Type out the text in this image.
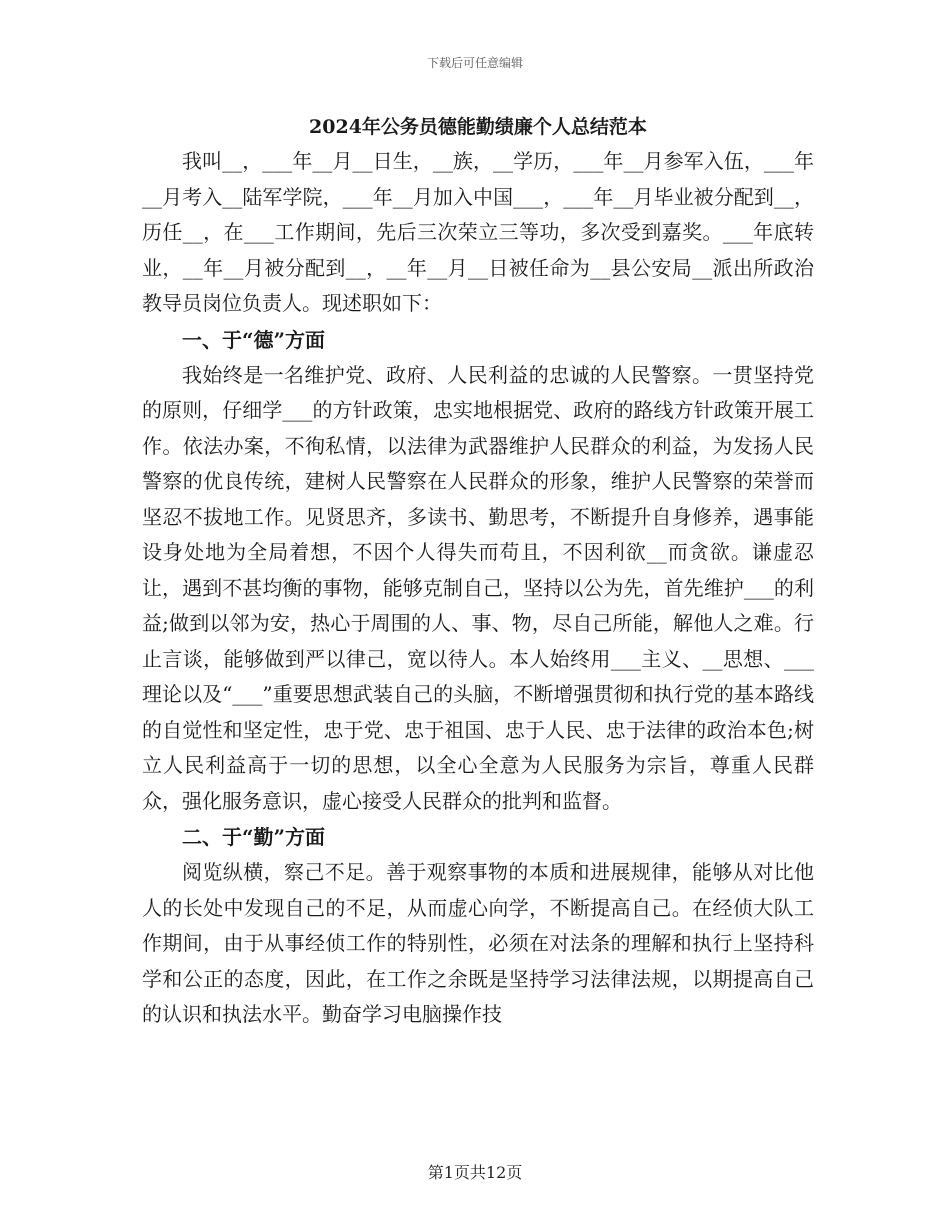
下载后可任意编辑
2024年公务员德能勤绩廉个人总结范本

我叫__，___年__月__日生，__族，__学历，___年__月参军入伍，___年__月考入__陆军学院，___年__月加入中国___，___年__月毕业被分配到__，历任__，在___工作期间，先后三次荣立三等功，多次受到嘉奖。___年底转业，__年__月被分配到__，__年__月__日被任命为__县公安局__派出所政治教导员岗位负责人。现述职如下：

一、于“德”方面

我始终是一名维护党、政府、人民利益的忠诚的人民警察。一贯坚持党的原则，仔细学___的方针政策，忠实地根据党、政府的路线方针政策开展工作。依法办案，不徇私情，以法律为武器维护人民群众的利益，为发扬人民警察的优良传统，建树人民警察在人民群众的形象，维护人民警察的荣誉而坚忍不拔地工作。见贤思齐，多读书、勤思考，不断提升自身修养，遇事能设身处地为全局着想，不因个人得失而苟且，不因利欲__而贪欲。谦虚忍让，遇到不甚均衡的事物，能够克制自己，坚持以公为先，首先维护___的利益;做到以邻为安，热心于周围的人、事、物，尽自己所能，解他人之难。行止言谈，能够做到严以律己，宽以待人。本人始终用___主义、__思想、___理论以及“___”重要思想武装自己的头脑，不断增强贯彻和执行党的基本路线的自觉性和坚定性，忠于党、忠于祖国、忠于人民、忠于法律的政治本色;树立人民利益高于一切的思想，以全心全意为人民服务为宗旨，尊重人民群众，强化服务意识，虚心接受人民群众的批判和监督。

二、于“勤”方面

阅览纵横，察己不足。善于观察事物的本质和进展规律，能够从对比他人的长处中发现自己的不足，从而虚心向学，不断提高自己。在经侦大队工作期间，由于从事经侦工作的特别性，必须在对法条的理解和执行上坚持科学和公正的态度，因此，在工作之余既是坚持学习法律法规，以期提高自己的认识和执法水平。勤奋学习电脑操作技

第1页共12页
